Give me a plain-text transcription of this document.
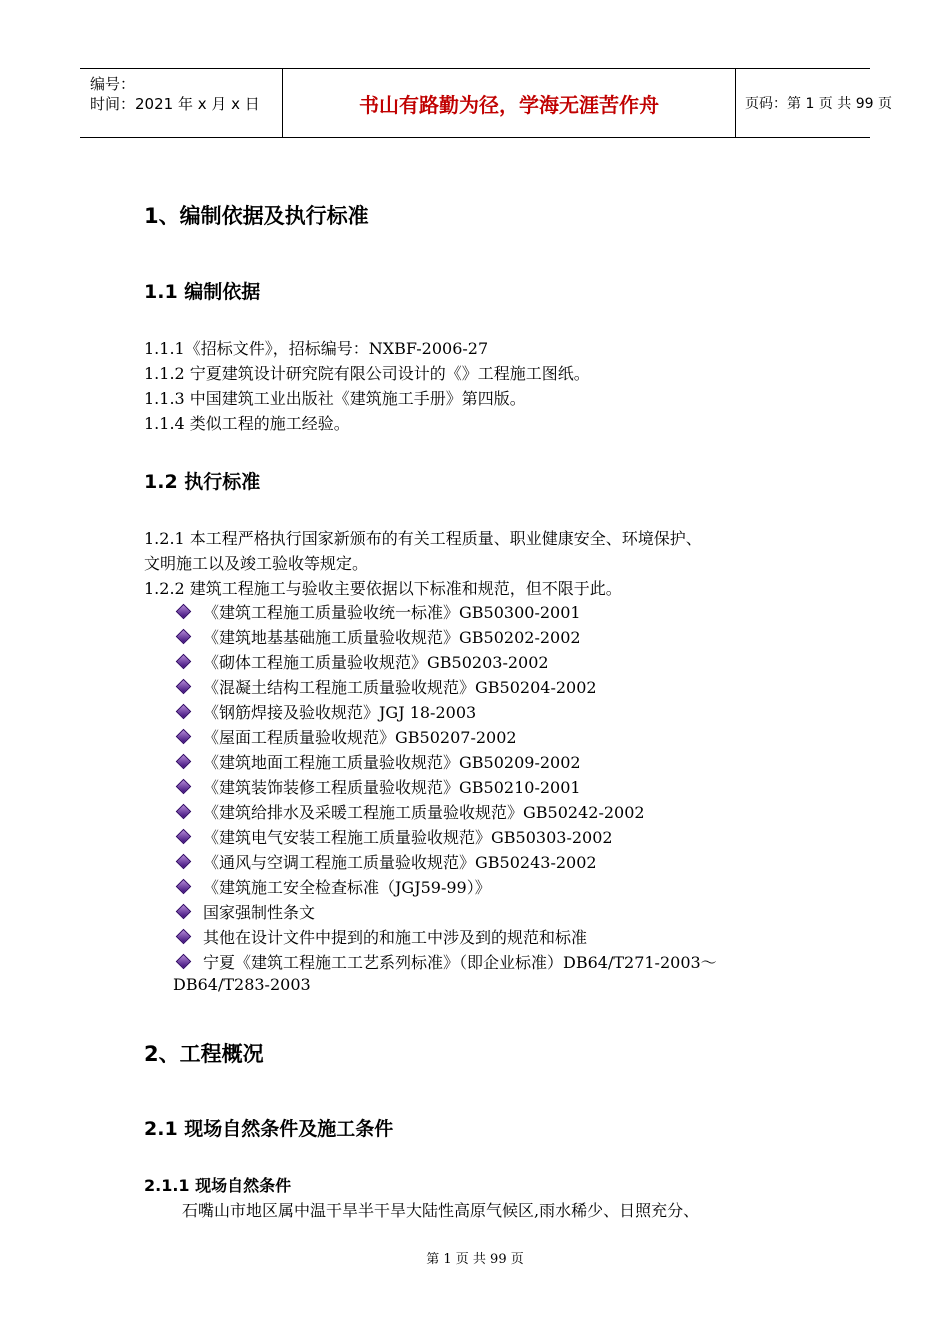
编号：
时间：2021 年 x 月 x 日	书山有路勤为径，学海无涯苦作舟	页码：第 1 页 共 99 页
1、编制依据及执行标准
1.1 编制依据
1.1.1《招标文件》，招标编号：NXBF-2006-27
1.1.2 宁夏建筑设计研究院有限公司设计的《》工程施工图纸。
1.1.3 中国建筑工业出版社《建筑施工手册》第四版。
1.1.4 类似工程的施工经验。
1.2 执行标准
1.2.1 本工程严格执行国家新颁布的有关工程质量、职业健康安全、环境保护、
文明施工以及竣工验收等规定。
1.2.2 建筑工程施工与验收主要依据以下标准和规范，但不限于此。
《建筑工程施工质量验收统一标准》GB50300-2001
《建筑地基基础施工质量验收规范》GB50202-2002
《砌体工程施工质量验收规范》GB50203-2002
《混凝土结构工程施工质量验收规范》GB50204-2002
《钢筋焊接及验收规范》JGJ 18-2003
《屋面工程质量验收规范》GB50207-2002
《建筑地面工程施工质量验收规范》GB50209-2002
《建筑装饰装修工程质量验收规范》GB50210-2001
《建筑给排水及采暖工程施工质量验收规范》GB50242-2002
《建筑电气安装工程施工质量验收规范》GB50303-2002
《通风与空调工程施工质量验收规范》GB50243-2002
《建筑施工安全检查标准（JGJ59-99）》
国家强制性条文
其他在设计文件中提到的和施工中涉及到的规范和标准
宁夏《建筑工程施工工艺系列标准》（即企业标准）DB64/T271-2003～
DB64/T283-2003
2、工程概况
2.1 现场自然条件及施工条件
2.1.1 现场自然条件
石嘴山市地区属中温干旱半干旱大陆性高原气候区,雨水稀少、日照充分、
第 1 页 共 99 页
